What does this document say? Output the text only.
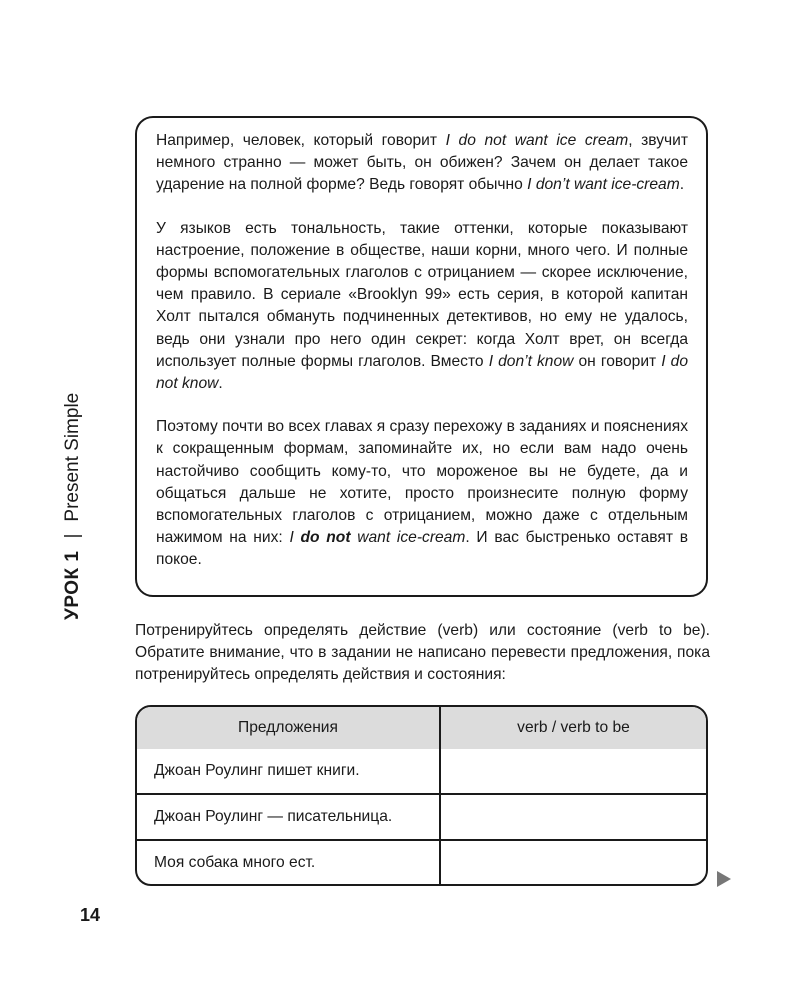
УРОК 1|Present Simple

Например, человек, который говорит I do not want ice cream, звучит немного странно — может быть, он обижен? Зачем он делает такое ударение на полной форме? Ведь говорят обычно I don’t want ice-cream.

У языков есть тональность, такие оттенки, которые показывают настроение, положение в обществе, наши корни, много чего. И полные формы вспомогательных глаголов с отрицанием — скорее исключение, чем правило. В сериале «Brooklyn 99» есть серия, в которой капитан Холт пытался обмануть подчиненных детективов, но ему не удалось, ведь они узнали про него один секрет: когда Холт врет, он всегда использует полные формы глаголов. Вместо I don’t know он говорит I do not know.

Поэтому почти во всех главах я сразу перехожу в заданиях и пояснениях к сокращенным формам, запоминайте их, но если вам надо очень настойчиво сообщить кому-то, что мороженое вы не будете, да и общаться дальше не хотите, просто произнесите полную форму вспомогательных глаголов с отрицанием, можно даже с отдельным нажимом на них: I do not want ice-cream. И вас быстренько оставят в покое.

Потренируйтесь определять действие (verb) или состояние (verb to be). Обратите внимание, что в задании не написано перевести предложения, пока потренируйтесь определять действия и состояния:

Предложения	verb / verb to be
Джоан Роулинг пишет книги.	
Джоан Роулинг — писательница.	
Моя собака много ест.	
14
